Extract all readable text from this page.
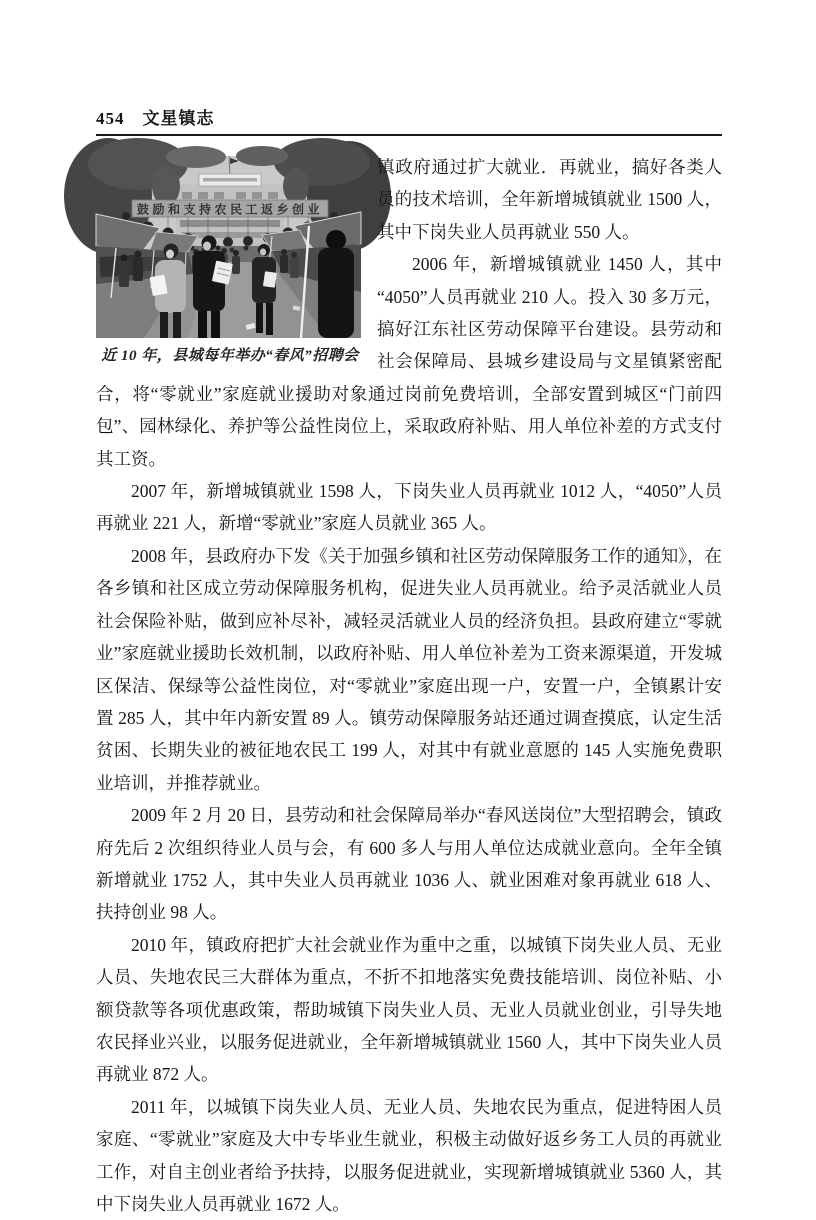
454 文星镇志
鼓励和支持农民工返乡创业
近 10 年，县城每年举办“春风”招聘会

镇政府通过扩大就业．再就业，搞好各类人员的技术培训，全年新增城镇就业 1500 人，其中下岗失业人员再就业 550 人。

2006 年，新增城镇就业 1450 人，其中“4050”人员再就业 210 人。投入 30 多万元，搞好江东社区劳动保障平台建设。县劳动和社会保障局、县城乡建设局与文星镇紧密配合，将“零就业”家庭就业援助对象通过岗前免费培训，全部安置到城区“门前四包”、园林绿化、养护等公益性岗位上，采取政府补贴、用人单位补差的方式支付其工资。

2007 年，新增城镇就业 1598 人，下岗失业人员再就业 1012 人，“4050”人员再就业 221 人，新增“零就业”家庭人员就业 365 人。

2008 年，县政府办下发《关于加强乡镇和社区劳动保障服务工作的通知》，在各乡镇和社区成立劳动保障服务机构，促进失业人员再就业。给予灵活就业人员社会保险补贴，做到应补尽补，减轻灵活就业人员的经济负担。县政府建立“零就业”家庭就业援助长效机制，以政府补贴、用人单位补差为工资来源渠道，开发城区保洁、保绿等公益性岗位，对“零就业”家庭出现一户，安置一户，全镇累计安置 285 人，其中年内新安置 89 人。镇劳动保障服务站还通过调查摸底，认定生活贫困、长期失业的被征地农民工 199 人，对其中有就业意愿的 145 人实施免费职业培训，并推荐就业。

2009 年 2 月 20 日，县劳动和社会保障局举办“春风送岗位”大型招聘会，镇政府先后 2 次组织待业人员与会，有 600 多人与用人单位达成就业意向。全年全镇新增就业 1752 人，其中失业人员再就业 1036 人、就业困难对象再就业 618 人、扶持创业 98 人。

2010 年，镇政府把扩大社会就业作为重中之重，以城镇下岗失业人员、无业人员、失地农民三大群体为重点，不折不扣地落实免费技能培训、岗位补贴、小额贷款等各项优惠政策，帮助城镇下岗失业人员、无业人员就业创业，引导失地农民择业兴业，以服务促进就业，全年新增城镇就业 1560 人，其中下岗失业人员再就业 872 人。

2011 年，以城镇下岗失业人员、无业人员、失地农民为重点，促进特困人员家庭、“零就业”家庭及大中专毕业生就业，积极主动做好返乡务工人员的再就业工作，对自主创业者给予扶持，以服务促进就业，实现新增城镇就业 5360 人，其中下岗失业人员再就业 1672 人。
